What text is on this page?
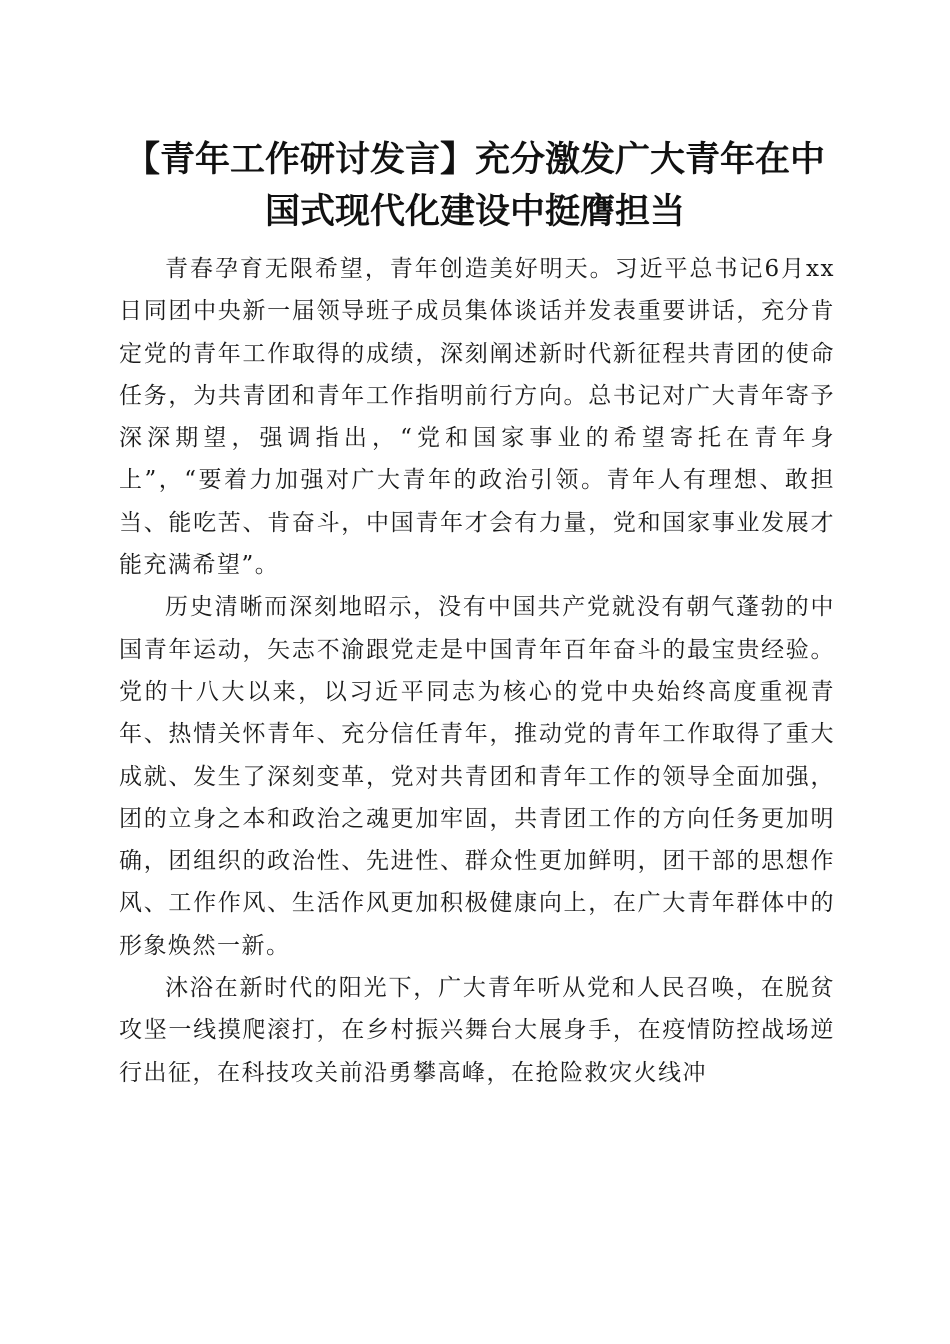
【青年工作研讨发言】充分激发广大青年在中
国式现代化建设中挺膺担当

青春孕育无限希望，青年创造美好明天。习近平总书记6月xx日同团中央新一届领导班子成员集体谈话并发表重要讲话，充分肯定党的青年工作取得的成绩，深刻阐述新时代新征程共青团的使命任务，为共青团和青年工作指明前行方向。总书记对广大青年寄予深深期望，强调指出，“党和国家事业的希望寄托在青年身上”，“要着力加强对广大青年的政治引领。青年人有理想、敢担当、能吃苦、肯奋斗，中国青年才会有力量，党和国家事业发展才能充满希望”。

历史清晰而深刻地昭示，没有中国共产党就没有朝气蓬勃的中国青年运动，矢志不渝跟党走是中国青年百年奋斗的最宝贵经验。党的十八大以来，以习近平同志为核心的党中央始终高度重视青年、热情关怀青年、充分信任青年，推动党的青年工作取得了重大成就、发生了深刻变革，党对共青团和青年工作的领导全面加强，团的立身之本和政治之魂更加牢固，共青团工作的方向任务更加明确，团组织的政治性、先进性、群众性更加鲜明，团干部的思想作风、工作作风、生活作风更加积极健康向上，在广大青年群体中的形象焕然一新。

沐浴在新时代的阳光下，广大青年听从党和人民召唤，在脱贫攻坚一线摸爬滚打，在乡村振兴舞台大展身手，在疫情防控战场逆行出征，在科技攻关前沿勇攀高峰，在抢险救灾火线冲
